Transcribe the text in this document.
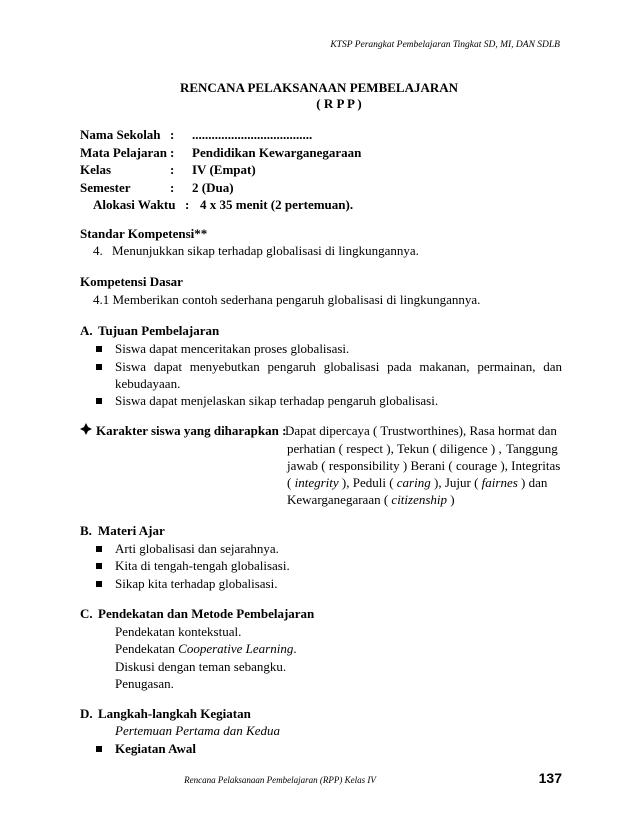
KTSP Perangkat Pembelajaran Tingkat SD, MI, DAN SDLB
RENCANA PELAKSANAAN PEMBELAJARAN
( R P P )
Nama Sekolah : .....................................
Mata Pelajaran : Pendidikan Kewarganegaraan
Kelas	: IV (Empat)
Semester	: 2 (Dua)
Alokasi Waktu : 4 x 35 menit (2 pertemuan).
Standar Kompetensi**
4. Menunjukkan sikap terhadap globalisasi di lingkungannya.
Kompetensi Dasar
4.1 Memberikan contoh sederhana pengaruh globalisasi di lingkungannya.
A. Tujuan Pembelajaran
Siswa dapat menceritakan proses globalisasi.
Siswa dapat menyebutkan pengaruh globalisasi pada makanan, permainan, dan
kebudayaan.
Siswa dapat menjelaskan sikap terhadap pengaruh globalisasi.
Karakter siswa yang diharapkan :
Dapat dipercaya ( Trustworthines), Rasa hormat dan
perhatian ( respect ), Tekun ( diligence ) , Tanggung
jawab ( responsibility ) Berani ( courage ), Integritas
( integrity ), Peduli ( caring ), Jujur ( fairnes ) dan
Kewarganegaraan ( citizenship )
B. Materi Ajar
Arti globalisasi dan sejarahnya.
Kita di tengah-tengah globalisasi.
Sikap kita terhadap globalisasi.
C. Pendekatan dan Metode Pembelajaran
Pendekatan kontekstual.
Pendekatan Cooperative Learning.
Diskusi dengan teman sebangku.
Penugasan.
D. Langkah-langkah Kegiatan
Pertemuan Pertama dan Kedua
Kegiatan Awal
Rencana Pelaksanaan Pembelajaran (RPP) Kelas IV	137
